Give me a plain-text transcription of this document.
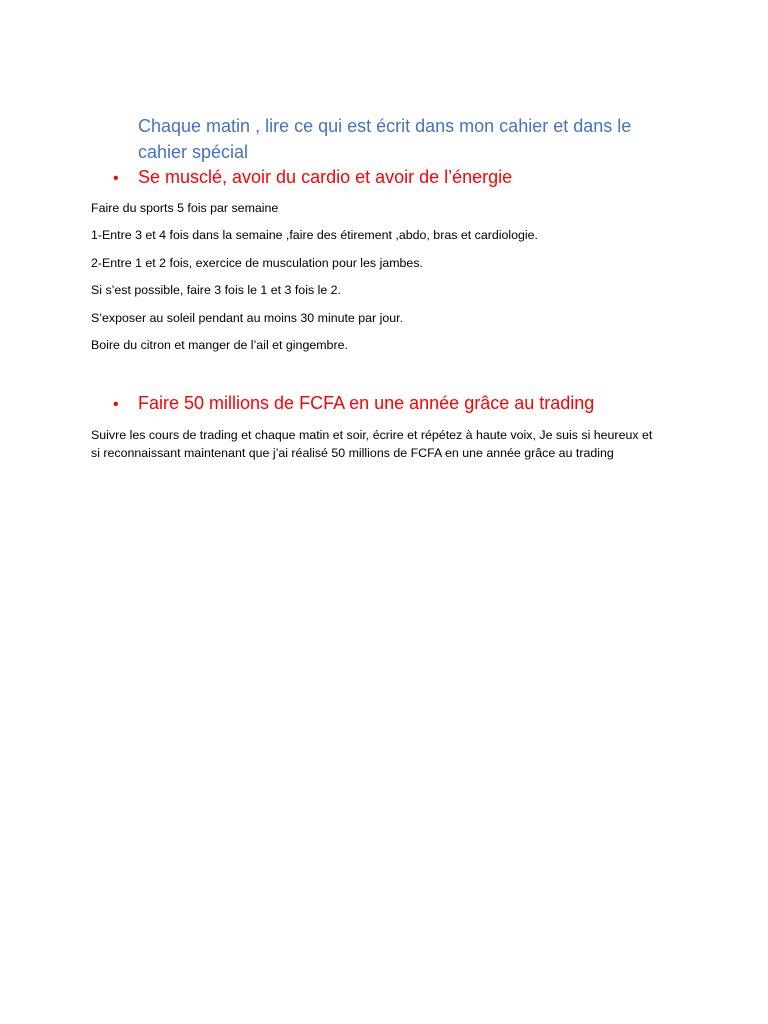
Chaque matin , lire ce qui est écrit dans mon cahier et dans le
cahier spécial
•	Se musclé, avoir du cardio et avoir de l’énergie
Faire du sports 5 fois par semaine
1-Entre 3 et 4 fois dans la semaine ,faire des étirement ,abdo, bras et cardiologie.
2-Entre 1 et 2 fois, exercice de musculation pour les jambes.
Si s’est possible, faire 3 fois le 1 et 3 fois le 2.
S’exposer au soleil pendant au moins 30 minute par jour.
Boire du citron et manger de l’ail et gingembre.
•	Faire 50 millions de FCFA en une année grâce au trading
Suivre les cours de trading et chaque matin et soir, écrire et répétez à haute voix, Je suis si heureux et
si reconnaissant maintenant que j’ai réalisé 50 millions de FCFA en une année grâce au trading
